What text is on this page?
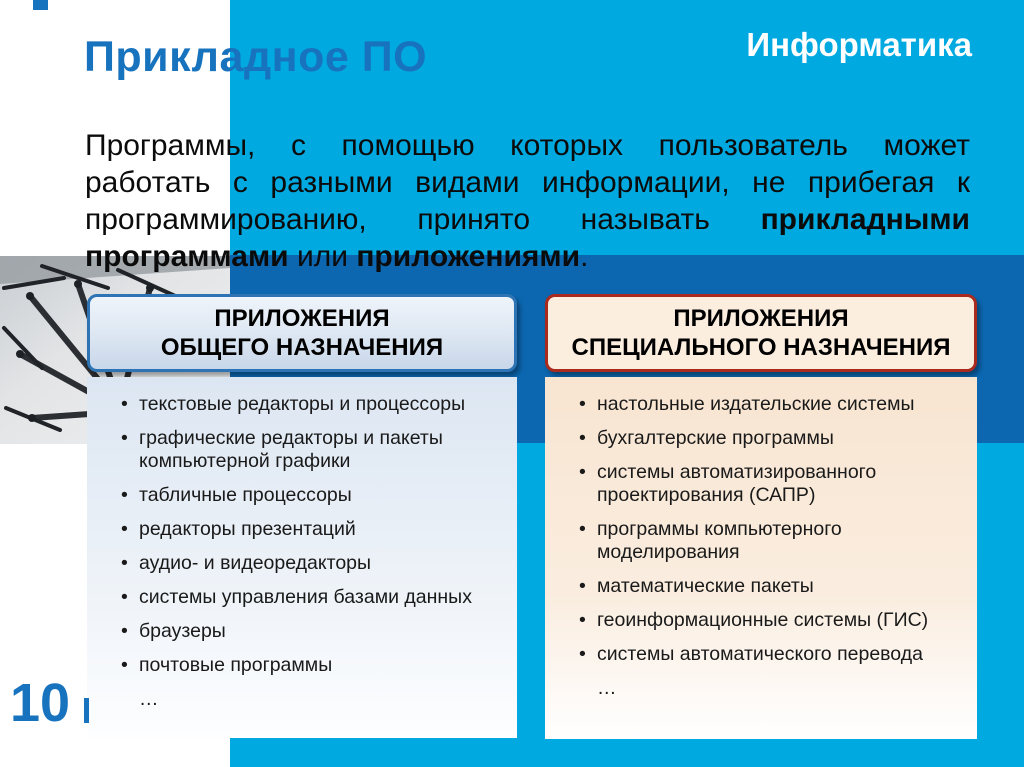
Прикладное ПО	Информатика
Программы, с помощью которых пользователь может
работать с разными видами информации, не прибегая к
программированию, принято называть прикладными
программами или приложениями.
ПРИЛОЖЕНИЯ
ОБЩЕГО НАЗНАЧЕНИЯ
ПРИЛОЖЕНИЯ
СПЕЦИАЛЬНОГО НАЗНАЧЕНИЯ
• текстовые редакторы и процессоры
• графические редакторы и пакеты компьютерной графики
• табличные процессоры
• редакторы презентаций
• аудио- и видеоредакторы
• системы управления базами данных
• браузеры
• почтовые программы
…
• настольные издательские системы
• бухгалтерские программы
• системы автоматизированного проектирования (САПР)
• программы компьютерного моделирования
• математические пакеты
• геоинформационные системы (ГИС)
• системы автоматического перевода
…
10
